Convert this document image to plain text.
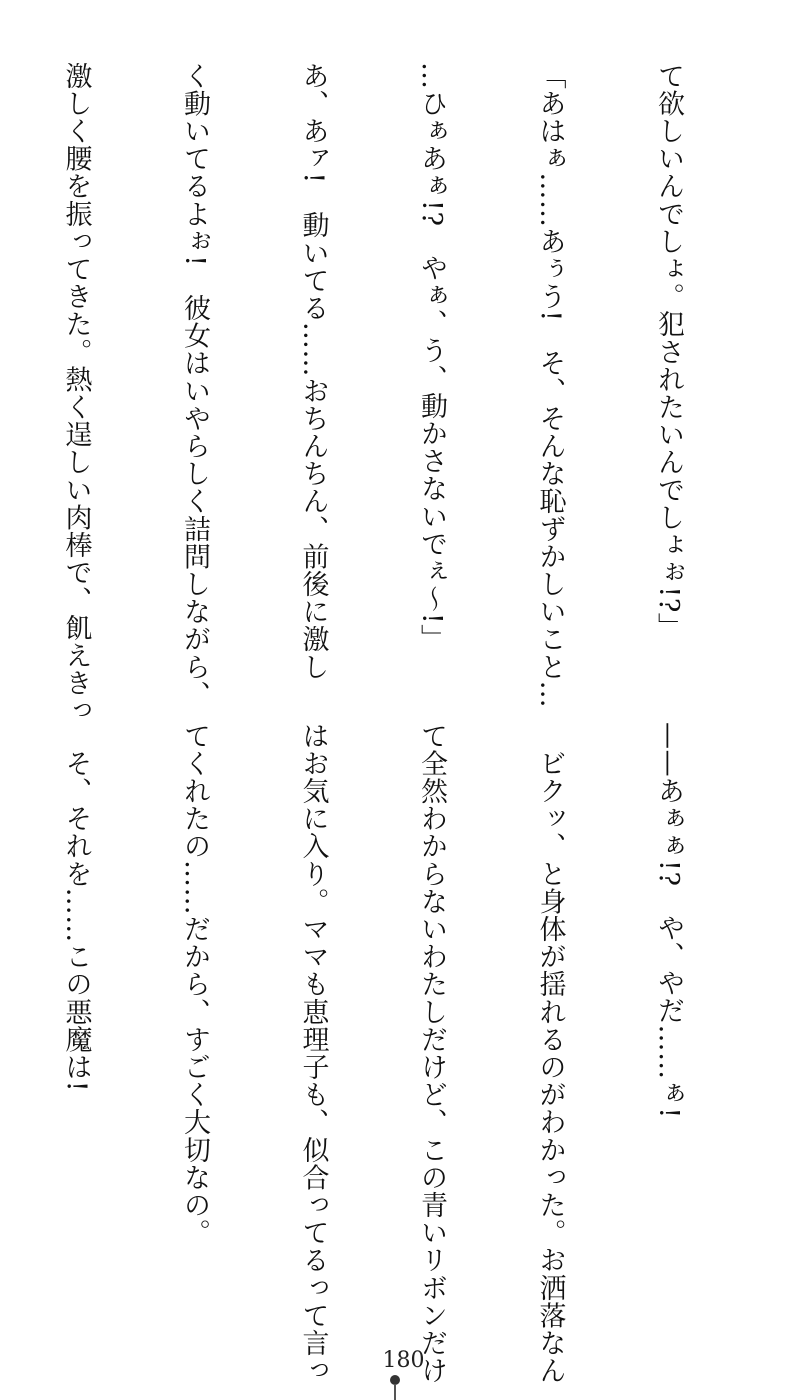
て欲しいんでしょ。犯されたいんでしょぉ!?」

「あはぁ……あぅう!　そ、そんな恥ずかしいこと…

…ひぁあぁ!?　やぁ、う、動かさないでぇ〜!」

あ、あァ!　動いてる……おちんちん、前後に激し

く動いてるよぉ!　彼女はいやらしく詰問しながら、

激しく腰を振ってきた。熱く逞しい肉棒で、飢えきっ

——あぁぁ!?　や、やだ……ぁ!

　ビクッ、と身体が揺れるのがわかった。お洒落なん

て全然わからないわたしだけど、この青いリボンだけ

はお気に入り。ママも恵理子も、似合ってるって言っ

てくれたの……だから、すごく大切なの。

　そ、それを……この悪魔は!

180
